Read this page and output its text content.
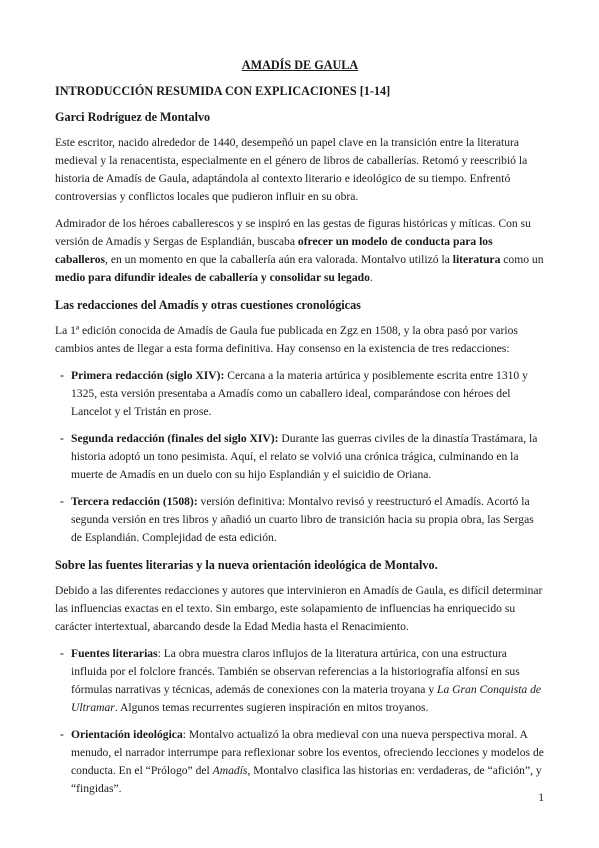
AMADÍS DE GAULA
INTRODUCCIÓN RESUMIDA CON EXPLICACIONES [1-14]
Garci Rodríguez de Montalvo

Este escritor, nacido alrededor de 1440, desempeñó un papel clave en la transición entre la literatura medieval y la renacentista, especialmente en el género de libros de caballerías. Retomó y reescribió la historia de Amadís de Gaula, adaptándola al contexto literario e ideológico de su tiempo. Enfrentó controversias y conflictos locales que pudieron influir en su obra.

Admirador de los héroes caballerescos y se inspiró en las gestas de figuras históricas y míticas. Con su versión de Amadís y Sergas de Esplandián, buscaba ofrecer un modelo de conducta para los caballeros, en un momento en que la caballería aún era valorada. Montalvo utilizó la literatura como un medio para difundir ideales de caballería y consolidar su legado.

Las redacciones del Amadís y otras cuestiones cronológicas

La 1ª edición conocida de Amadís de Gaula fue publicada en Zgz en 1508, y la obra pasó por varios cambios antes de llegar a esta forma definitiva. Hay consenso en la existencia de tres redacciones:

- Primera redacción (siglo XIV): Cercana a la materia artúrica y posiblemente escrita entre 1310 y 1325, esta versión presentaba a Amadís como un caballero ideal, comparándose con héroes del Lancelot y el Tristán en prose.
- Segunda redacción (finales del siglo XIV): Durante las guerras civiles de la dinastía Trastámara, la historia adoptó un tono pesimista. Aquí, el relato se volvió una crónica trágica, culminando en la muerte de Amadís en un duelo con su hijo Esplandián y el suicidio de Oriana.
- Tercera redacción (1508): versión definitiva: Montalvo revisó y reestructuró el Amadís. Acortó la segunda versión en tres libros y añadió un cuarto libro de transición hacia su propia obra, las Sergas de Esplandián. Complejidad de esta edición.
Sobre las fuentes literarias y la nueva orientación ideológica de Montalvo.

Debido a las diferentes redacciones y autores que intervinieron en Amadís de Gaula, es difícil determinar las influencias exactas en el texto. Sin embargo, este solapamiento de influencias ha enriquecido su carácter intertextual, abarcando desde la Edad Media hasta el Renacimiento.

- Fuentes literarias: La obra muestra claros influjos de la literatura artúrica, con una estructura influida por el folclore francés. También se observan referencias a la historiografía alfonsí en sus fórmulas narrativas y técnicas, además de conexiones con la materia troyana y La Gran Conquista de Ultramar. Algunos temas recurrentes sugieren inspiración en mitos troyanos.
- Orientación ideológica: Montalvo actualizó la obra medieval con una nueva perspectiva moral. A menudo, el narrador interrumpe para reflexionar sobre los eventos, ofreciendo lecciones y modelos de conducta. En el “Prólogo” del Amadís, Montalvo clasifica las historias en: verdaderas, de “afición”, y “fingidas”.
1
